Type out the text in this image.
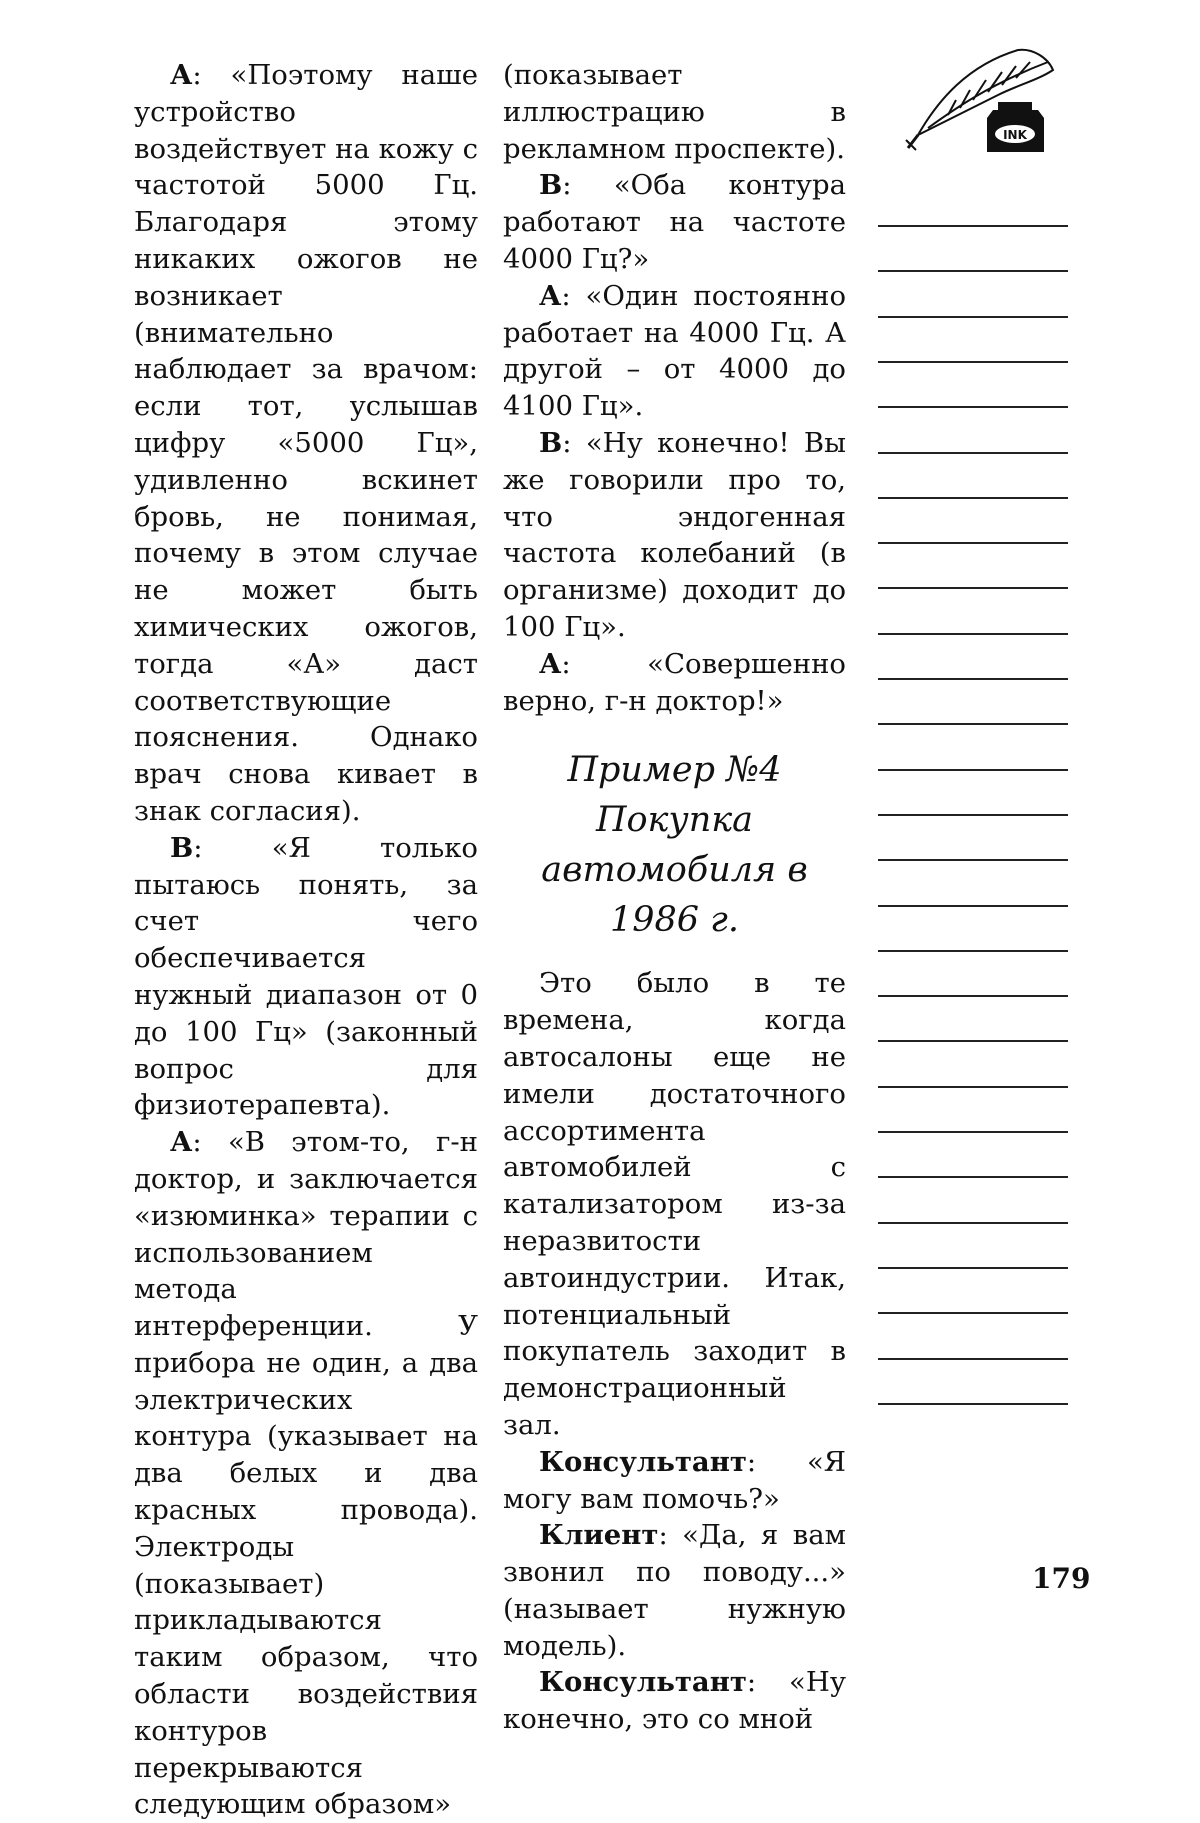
INK

А: «Поэтому наше устройство воздействует на кожу с частотой 5000 Гц. Благодаря этому никаких ожогов не возникает (внимательно наблюдает за врачом: если тот, услышав цифру «5000 Гц», удивленно вскинет бровь, не понимая, почему в этом случае не может быть химических ожогов, тогда «А» даст соответствующие пояснения. Однако врач снова кивает в знак согласия).

В: «Я только пытаюсь понять, за счет чего обеспечивается нужный диапазон от 0 до 100 Гц» (законный вопрос для физиотерапевта).

А: «В этом-то, г-н доктор, и заключается «изюминка» терапии с использованием метода интерференции. У прибора не один, а два электрических контура (указывает на два белых и два красных провода). Электроды (показывает) прикладываются таким образом, что области воздействия контуров перекрываются следующим образом»

(показывает иллюстрацию в рекламном проспекте).

В: «Оба контура работают на частоте 4000 Гц?»

А: «Один постоянно работает на 4000 Гц. А другой – от 4000 до 4100 Гц».

В: «Ну конечно! Вы же говорили про то, что эндогенная частота колебаний (в организме) доходит до 100 Гц».

А: «Совершенно верно, г-н доктор!»

Пример №4
Покупка автомобиля в 1986 г.

Это было в те времена, когда автосалоны еще не имели достаточного ассортимента автомобилей с катализатором из-за неразвитости автоиндустрии. Итак, потенциальный покупатель заходит в демонстрационный зал.

Консультант: «Я могу вам помочь?»

Клиент: «Да, я вам звонил по поводу...» (называет нужную модель).

Консультант: «Ну конечно, это со мной

179
